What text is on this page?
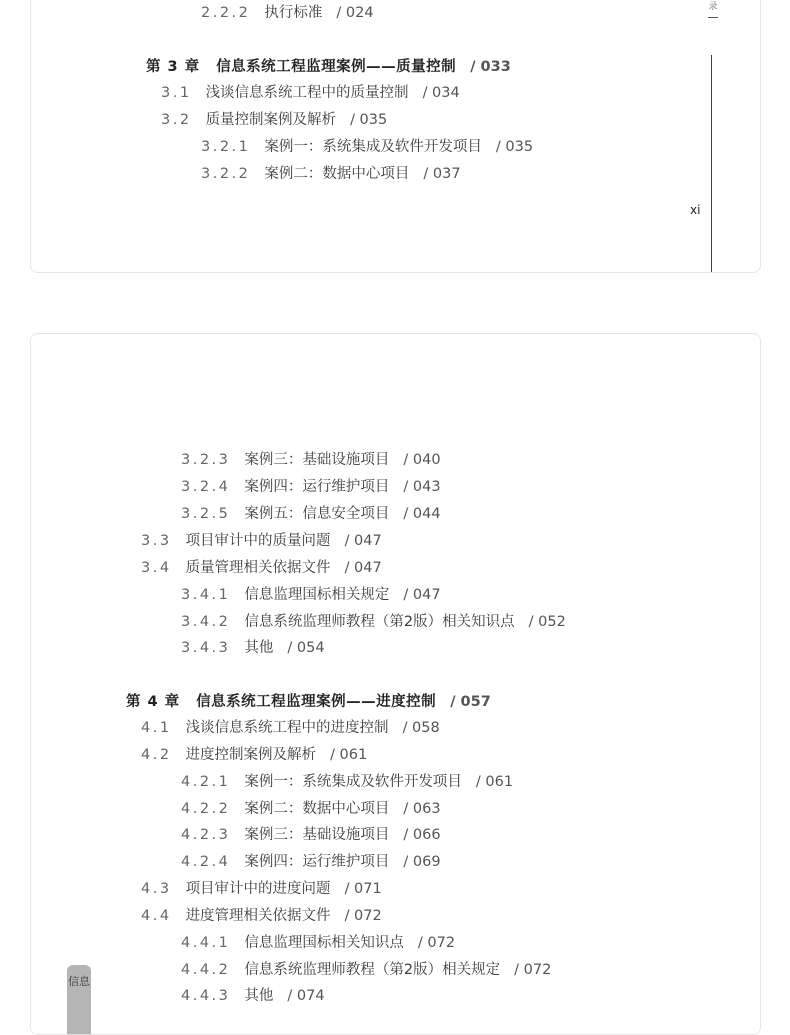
2.2.2 执行标准 / 024
第 3 章 信息系统工程监理案例——质量控制 / 033
3.1 浅谈信息系统工程中的质量控制 / 034
3.2 质量控制案例及解析 / 035
3.2.1 案例一：系统集成及软件开发项目 / 035
3.2.2 案例二：数据中心项目 / 037
录
xi
3.2.3 案例三：基础设施项目 / 040
3.2.4 案例四：运行维护项目 / 043
3.2.5 案例五：信息安全项目 / 044
3.3 项目审计中的质量问题 / 047
3.4 质量管理相关依据文件 / 047
3.4.1 信息监理国标相关规定 / 047
3.4.2 信息系统监理师教程（第2版）相关知识点 / 052
3.4.3 其他 / 054
第 4 章 信息系统工程监理案例——进度控制 / 057
4.1 浅谈信息系统工程中的进度控制 / 058
4.2 进度控制案例及解析 / 061
4.2.1 案例一：系统集成及软件开发项目 / 061
4.2.2 案例二：数据中心项目 / 063
4.2.3 案例三：基础设施项目 / 066
4.2.4 案例四：运行维护项目 / 069
4.3 项目审计中的进度问题 / 071
4.4 进度管理相关依据文件 / 072
4.4.1 信息监理国标相关知识点 / 072
4.4.2 信息系统监理师教程（第2版）相关规定 / 072
4.4.3 其他 / 074
信息
